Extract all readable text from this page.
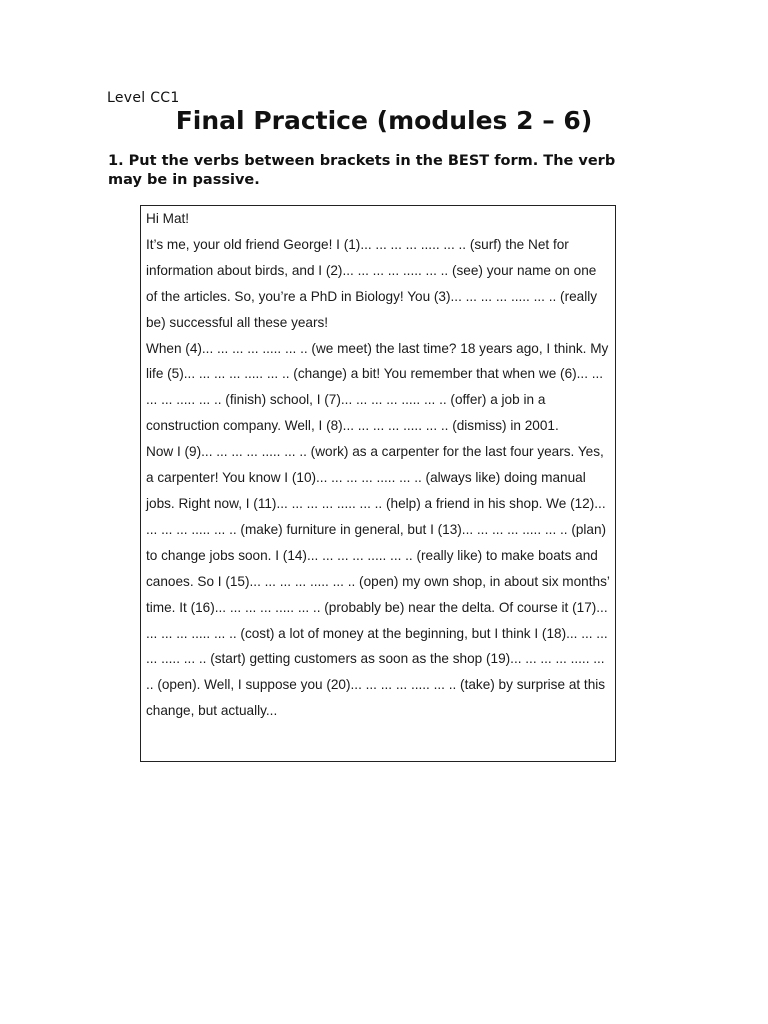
Level CC1
Final Practice (modules 2 – 6)
1. Put the verbs between brackets in the BEST form. The verb may be in passive.

Hi Mat!

It’s me, your old friend George! I (1)... ... ... ... ..... ... .. (surf) the Net for information about birds, and I (2)... ... ... ... ..... ... .. (see) your name on one of the articles. So, you’re a PhD in Biology! You (3)... ... ... ... ..... ... .. (really be) successful all these years!

When (4)... ... ... ... ..... ... .. (we meet) the last time? 18 years ago, I think. My life (5)... ... ... ... ..... ... .. (change) a bit! You remember that when we (6)... ... ... ... ..... ... .. (finish) school, I (7)... ... ... ... ..... ... .. (offer) a job in a construction company. Well, I (8)... ... ... ... ..... ... .. (dismiss) in 2001.

Now I (9)... ... ... ... ..... ... .. (work) as a carpenter for the last four years. Yes, a carpenter! You know I (10)... ... ... ... ..... ... .. (always like) doing manual jobs. Right now, I (11)... ... ... ... ..... ... .. (help) a friend in his shop. We (12)... ... ... ... ..... ... .. (make) furniture in general, but I (13)... ... ... ... ..... ... .. (plan) to change jobs soon. I (14)... ... ... ... ..... ... .. (really like) to make boats and canoes. So I (15)... ... ... ... ..... ... .. (open) my own shop, in about six months’ time. It (16)... ... ... ... ..... ... .. (probably be) near the delta. Of course it (17)... ... ... ... ..... ... .. (cost) a lot of money at the beginning, but I think I (18)... ... ... ... ..... ... .. (start) getting customers as soon as the shop (19)... ... ... ... ..... ... .. (open). Well, I suppose you (20)... ... ... ... ..... ... .. (take) by surprise at this change, but actually...
